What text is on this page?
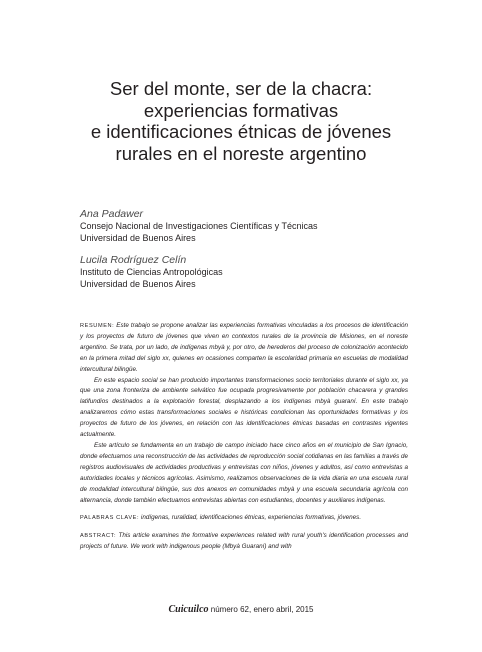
Ser del monte, ser de la chacra:
experiencias formativas
e identificaciones étnicas de jóvenes
rurales en el noreste argentino
Ana Padawer
Consejo Nacional de Investigaciones Científicas y Técnicas
Universidad de Buenos Aires
Lucila Rodríguez Celín
Instituto de Ciencias Antropológicas
Universidad de Buenos Aires

RESUMEN: Este trabajo se propone analizar las experiencias formativas vinculadas a los procesos de identificación y los proyectos de futuro de jóvenes que viven en contextos rurales de la provincia de Misiones, en el noreste argentino. Se trata, por un lado, de indígenas mbyà y, por otro, de herederos del proceso de colonización acontecido en la primera mitad del siglo xx, quienes en ocasiones comparten la escolaridad primaria en escuelas de modalidad intercultural bilingüe.

En este espacio social se han producido importantes transformaciones socio territoriales durante el siglo xx, ya que una zona fronteriza de ambiente selvático fue ocupada progresivamente por población chacarera y grandes latifundios destinados a la explotación forestal, desplazando a los indígenas mbyà guaraní. En este trabajo analizaremos cómo estas transformaciones sociales e históricas condicionan las oportunidades formativas y los proyectos de futuro de los jóvenes, en relación con las identificaciones étnicas basadas en contrastes vigentes actualmente.

Este artículo se fundamenta en un trabajo de campo iniciado hace cinco años en el municipio de San Ignacio, donde efectuamos una reconstrucción de las actividades de reproducción social cotidianas en las familias a través de registros audiovisuales de actividades productivas y entrevistas con niños, jóvenes y adultos, así como entrevistas a autoridades locales y técnicos agrícolas. Asimismo, realizamos observaciones de la vida diaria en una escuela rural de modalidad intercultural bilingüe, sus dos anexos en comunidades mbyà y una escuela secundaria agrícola con alternancia, donde también efectuamos entrevistas abiertas con estudiantes, docentes y auxiliares indígenas.

PALABRAS CLAVE: indígenas, ruralidad, identificaciones étnicas, experiencias formativas, jóvenes.

ABSTRACT: This article examines the formative experiences related with rural youth's identification processes and projects of future. We work with indigenous people (Mbyà Guaraní) and with

Cuicuilco número 62, enero abril, 2015
